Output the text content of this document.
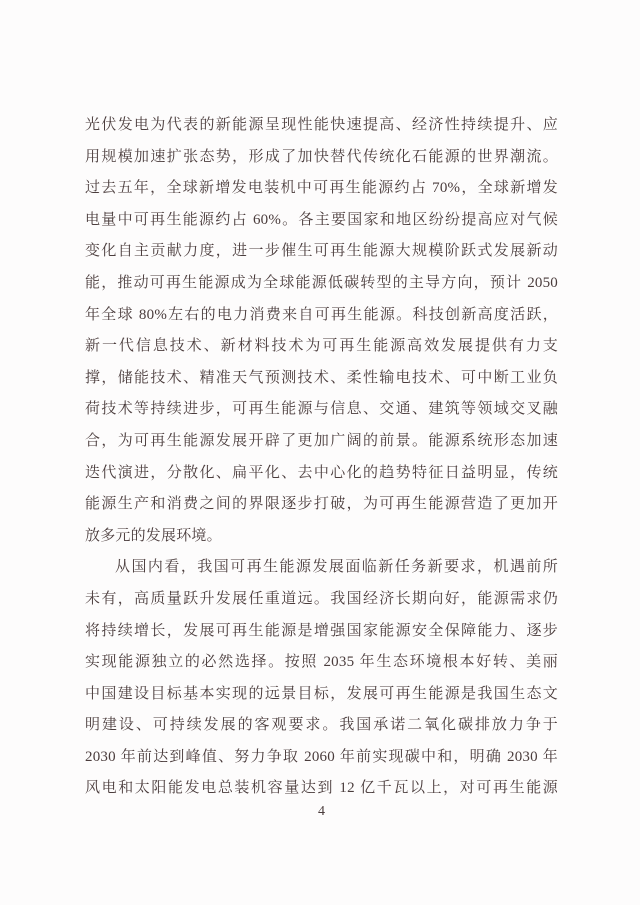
光伏发电为代表的新能源呈现性能快速提高、经济性持续提升、应
用规模加速扩张态势，形成了加快替代传统化石能源的世界潮流。
过去五年，全球新增发电装机中可再生能源约占 70%，全球新增发
电量中可再生能源约占 60%。各主要国家和地区纷纷提高应对气候
变化自主贡献力度，进一步催生可再生能源大规模阶跃式发展新动
能，推动可再生能源成为全球能源低碳转型的主导方向，预计 2050
年全球 80%左右的电力消费来自可再生能源。科技创新高度活跃，
新一代信息技术、新材料技术为可再生能源高效发展提供有力支
撑，储能技术、精准天气预测技术、柔性输电技术、可中断工业负
荷技术等持续进步，可再生能源与信息、交通、建筑等领域交叉融
合，为可再生能源发展开辟了更加广阔的前景。能源系统形态加速
迭代演进，分散化、扁平化、去中心化的趋势特征日益明显，传统
能源生产和消费之间的界限逐步打破，为可再生能源营造了更加开
放多元的发展环境。
从国内看，我国可再生能源发展面临新任务新要求，机遇前所
未有，高质量跃升发展任重道远。我国经济长期向好，能源需求仍
将持续增长，发展可再生能源是增强国家能源安全保障能力、逐步
实现能源独立的必然选择。按照 2035 年生态环境根本好转、美丽
中国建设目标基本实现的远景目标，发展可再生能源是我国生态文
明建设、可持续发展的客观要求。我国承诺二氧化碳排放力争于
2030 年前达到峰值、努力争取 2060 年前实现碳中和，明确 2030 年
风电和太阳能发电总装机容量达到 12 亿千瓦以上，对可再生能源
4
